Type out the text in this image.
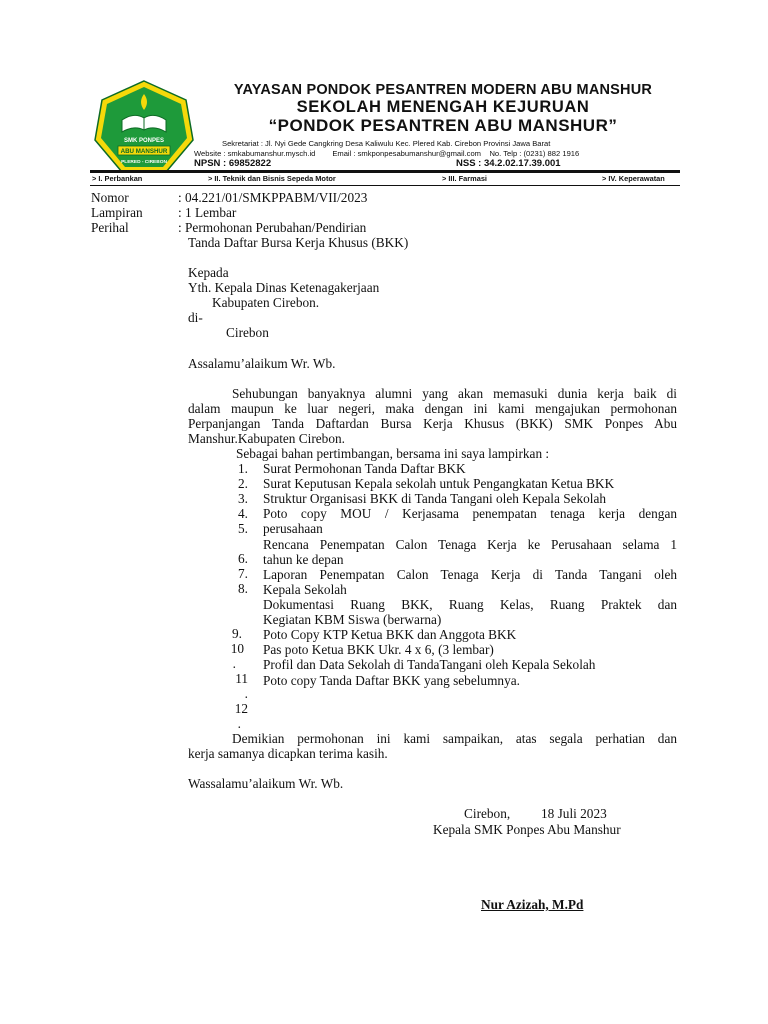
SMK PONPES
ABU MANSHUR
PLERED - CIREBON
YAYASAN PONDOK PESANTREN MODERN ABU MANSHUR
SEKOLAH MENENGAH KEJURUAN
“PONDOK PESANTREN ABU MANSHUR”
Sekretariat : Jl. Nyi Gede Cangkring Desa Kaliwulu Kec. Plered Kab. Cirebon Provinsi Jawa Barat
Website : smkabumanshur.mysch.id Email : smkponpesabumanshur@gmail.com No. Telp : (0231) 882 1916
NPSN : 69852822	NSS : 34.2.02.17.39.001
> I. Perbankan	> II. Teknik dan Bisnis Sepeda Motor	> III. Farmasi	> IV. Keperawatan
Nomor	: 04.221/01/SMKPPABM/VII/2023
Lampiran	: 1 Lembar
Perihal	: Permohonan Perubahan/Pendirian
Tanda Daftar Bursa Kerja Khusus (BKK)
Kepada
Yth. Kepala Dinas Ketenagakerjaan
Kabupaten Cirebon.
di-
Cirebon
Assalamu’alaikum Wr. Wb.
Sehubungan banyaknya alumni yang akan memasuki dunia kerja baik di
dalam maupun ke luar negeri, maka dengan ini kami mengajukan permohonan
Perpanjangan Tanda Daftardan Bursa Kerja Khusus (BKK) SMK Ponpes Abu
Manshur.Kabupaten Cirebon.
Sebagai bahan pertimbangan, bersama ini saya lampirkan :
1.
2.
3.
4.
5.
6.
7.
8.
9.
10
.
11
.
12
.
Surat Permohonan Tanda Daftar BKK
Surat Keputusan Kepala sekolah untuk Pengangkatan Ketua BKK
Struktur Organisasi BKK di Tanda Tangani oleh Kepala Sekolah
Poto copy MOU / Kerjasama penempatan tenaga kerja dengan
perusahaan
Rencana Penempatan Calon Tenaga Kerja ke Perusahaan selama 1
tahun ke depan
Laporan Penempatan Calon Tenaga Kerja di Tanda Tangani oleh
Kepala Sekolah
Dokumentasi Ruang BKK, Ruang Kelas, Ruang Praktek dan
Kegiatan KBM Siswa (berwarna)
Poto Copy KTP Ketua BKK dan Anggota BKK
Pas poto Ketua BKK Ukr. 4 x 6, (3 lembar)
Profil dan Data Sekolah di TandaTangani oleh Kepala Sekolah
Poto copy Tanda Daftar BKK yang sebelumnya.
Demikian permohonan ini kami sampaikan, atas segala perhatian dan
kerja samanya dicapkan terima kasih.
Wassalamu’alaikum Wr. Wb.
Cirebon, 18 Juli 2023
Kepala SMK Ponpes Abu Manshur
Nur Azizah, M.Pd
